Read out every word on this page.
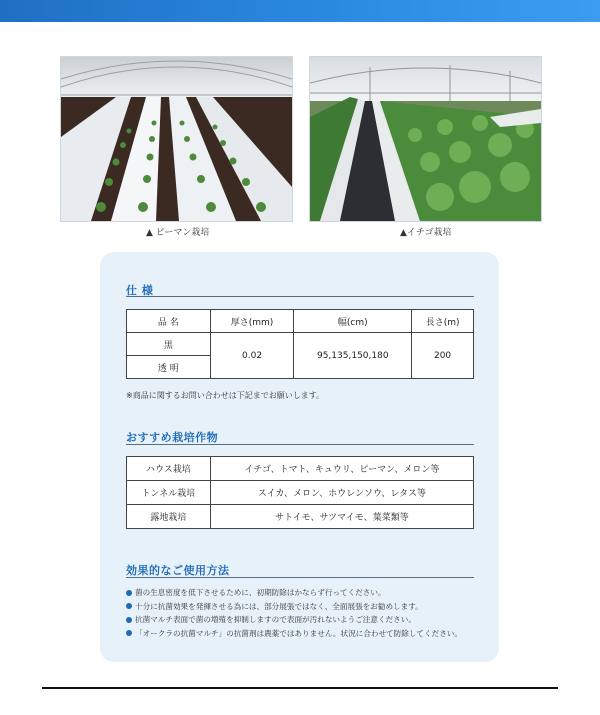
▲ ピーマン栽培	▲イチゴ栽培
仕 様
品 名	厚さ(mm)	幅(cm)	長さ(m)
黒	0.02	95,135,150,180	200
透 明			
※商品に関するお問い合わせは下記までお願いします。
おすすめ栽培作物
ハウス栽培	イチゴ、トマト、キュウリ、ピーマン、メロン等
トンネル栽培	スイカ、メロン、ホウレンソウ、レタス等
露地栽培	サトイモ、サツマイモ、葉菜類等
効果的なご使用方法
菌の生息密度を低下させるために、初期防除はかならず行ってください。
十分に抗菌効果を発揮させる為には、部分展張ではなく、全面展張をお勧めします。
抗菌マルチ表面で菌の増殖を抑制しますので表面が汚れないようご注意ください。
「オークラの抗菌マルチ」の抗菌剤は農薬ではありません。状況に合わせて防除してください。
